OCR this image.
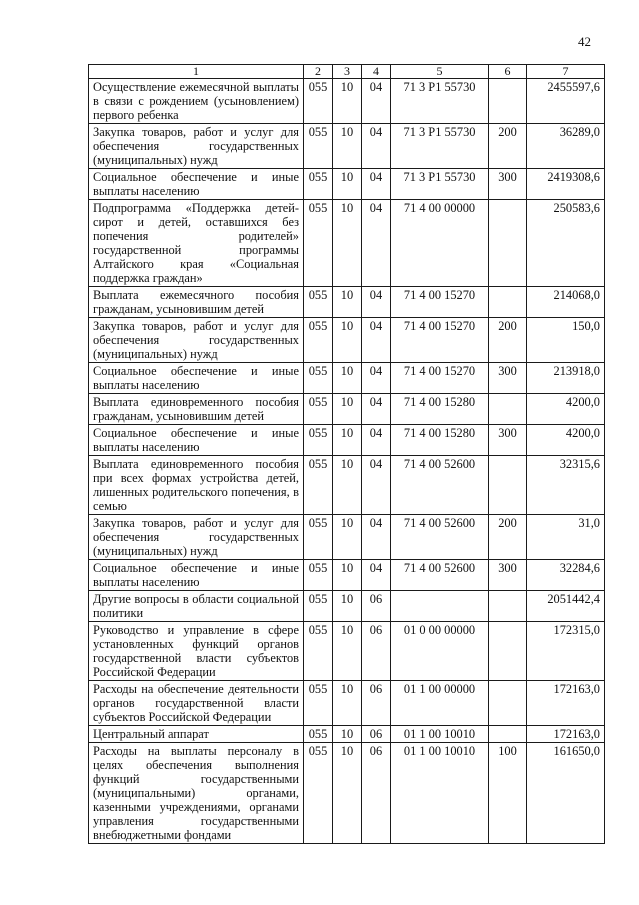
42
1	2	3	4	5	6	7
Осуществление ежемесячной выплаты в связи с рождением (усыновлением) первого ребенка	055	10	04	71 3 P1 55730		2455597,6
Закупка товаров, работ и услуг для обеспечения государственных (муниципальных) нужд	055	10	04	71 3 P1 55730	200	36289,0
Социальное обеспечение и иные выплаты населению	055	10	04	71 3 P1 55730	300	2419308,6
Подпрограмма «Поддержка детей-сирот и детей, оставшихся без попечения родителей» государственной программы Алтайского края «Социальная поддержка граждан»	055	10	04	71 4 00 00000		250583,6
Выплата ежемесячного пособия гражданам, усыновившим детей	055	10	04	71 4 00 15270		214068,0
Закупка товаров, работ и услуг для обеспечения государственных (муниципальных) нужд	055	10	04	71 4 00 15270	200	150,0
Социальное обеспечение и иные выплаты населению	055	10	04	71 4 00 15270	300	213918,0
Выплата единовременного пособия гражданам, усыновившим детей	055	10	04	71 4 00 15280		4200,0
Социальное обеспечение и иные выплаты населению	055	10	04	71 4 00 15280	300	4200,0
Выплата единовременного пособия при всех формах устройства детей, лишенных родительского попечения, в семью	055	10	04	71 4 00 52600		32315,6
Закупка товаров, работ и услуг для обеспечения государственных (муниципальных) нужд	055	10	04	71 4 00 52600	200	31,0
Социальное обеспечение и иные выплаты населению	055	10	04	71 4 00 52600	300	32284,6
Другие вопросы в области социальной политики	055	10	06			2051442,4
Руководство и управление в сфере установленных функций органов государственной власти субъектов Российской Федерации	055	10	06	01 0 00 00000		172315,0
Расходы на обеспечение деятельности органов государственной власти субъектов Российской Федерации	055	10	06	01 1 00 00000		172163,0
Центральный аппарат	055	10	06	01 1 00 10010		172163,0
Расходы на выплаты персоналу в целях обеспечения выполнения функций государственными (муниципальными) органами, казенными учреждениями, органами управления государственными внебюджетными фондами	055	10	06	01 1 00 10010	100	161650,0
